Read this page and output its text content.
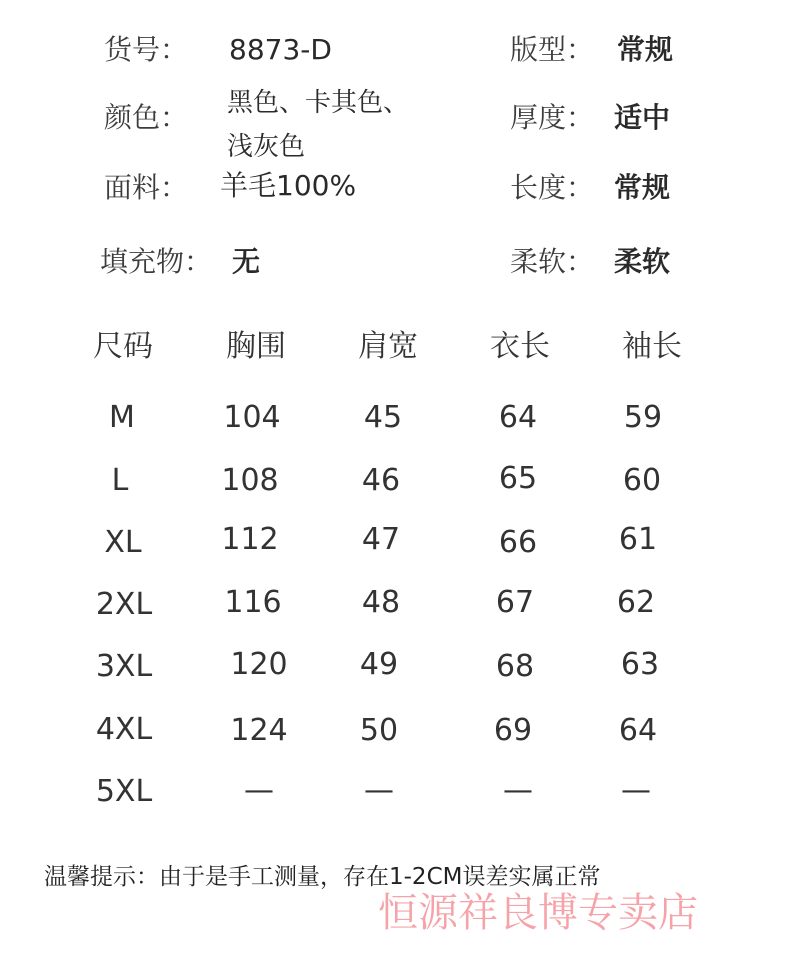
货号： 8873-D	版型： 常规
颜色： 黑色、卡其色、
浅灰色
厚度： 适中
面料： 羊毛100%	长度： 常规
填充物： 无	柔软： 柔软
尺码 胸围 肩宽 衣长 袖长
M	104	45	64	59
L	108	46	65	60
XL	112	47	66	61
2XL	116	48	67	62
3XL	120	49	68	63
4XL	124	50	69	64
5XL	—	—	—	—
温馨提示：由于是手工测量，存在1-2CM误差实属正常
恒源祥良博专卖店
